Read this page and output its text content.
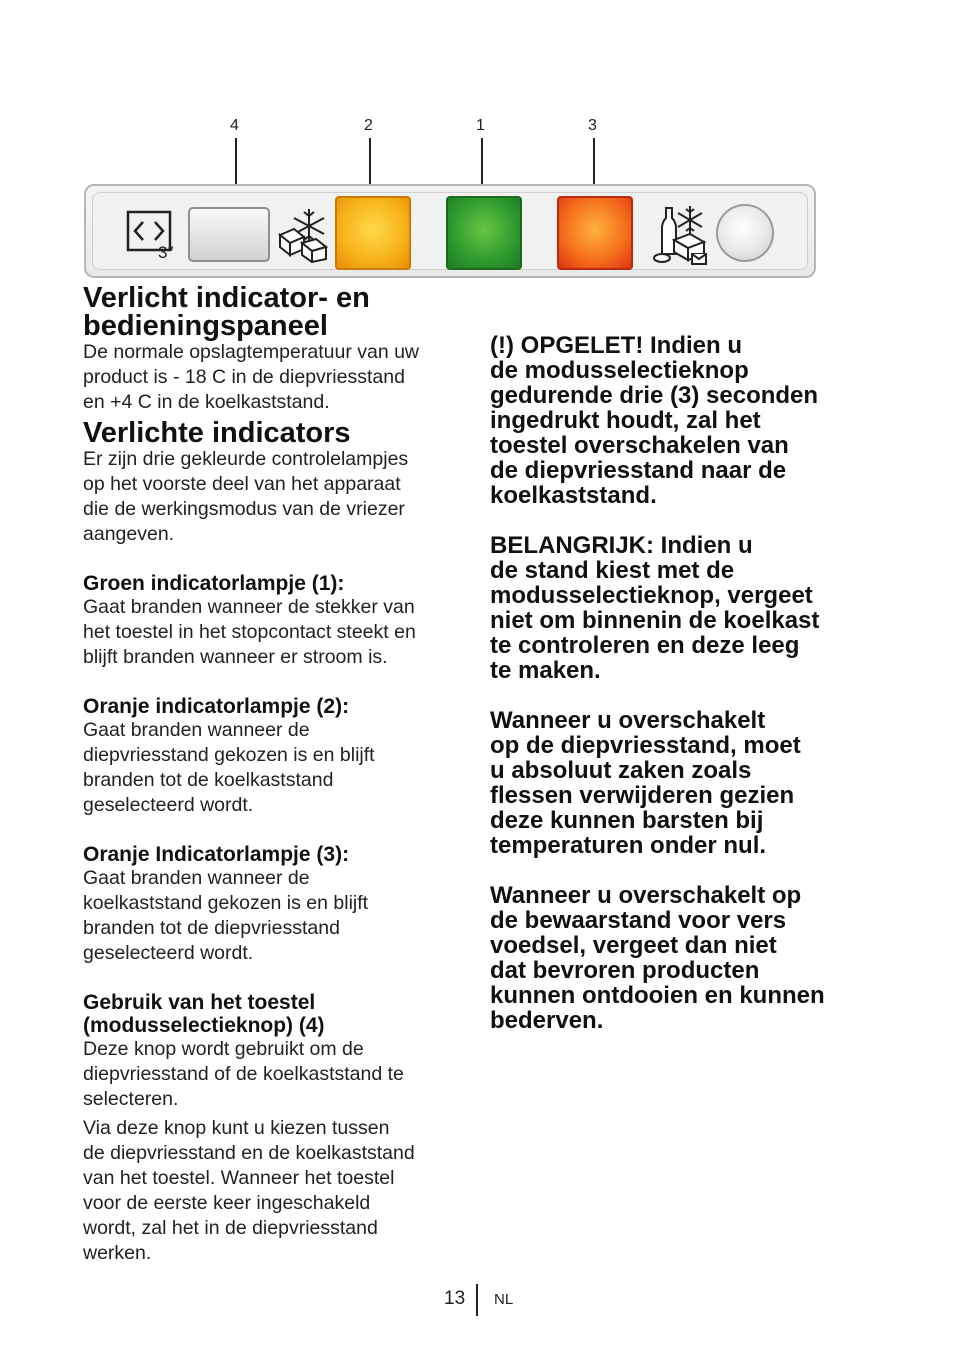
4	2	1	3
3″

Verlicht indicator- en
bedieningspaneel

De normale opslagtemperatuur van uw
product is - 18 C in de diepvriesstand
en +4 C in de koelkaststand.

Verlichte indicators

Er zijn drie gekleurde controlelampjes
op het voorste deel van het apparaat
die de werkingsmodus van de vriezer
aangeven.

Groen indicatorlampje (1):

Gaat branden wanneer de stekker van
het toestel in het stopcontact steekt en
blijft branden wanneer er stroom is.

Oranje indicatorlampje (2):

Gaat branden wanneer de
diepvriesstand gekozen is en blijft
branden tot de koelkaststand
geselecteerd wordt.

Oranje Indicatorlampje (3):

Gaat branden wanneer de
koelkaststand gekozen is en blijft
branden tot de diepvriesstand
geselecteerd wordt.

Gebruik van het toestel
(modusselectieknop) (4)

Deze knop wordt gebruikt om de
diepvriesstand of de koelkaststand te
selecteren.

Via deze knop kunt u kiezen tussen
de diepvriesstand en de koelkaststand
van het toestel. Wanneer het toestel
voor de eerste keer ingeschakeld
wordt, zal het in de diepvriesstand
werken.

(!) OPGELET! Indien u
de modusselectieknop
gedurende drie (3) seconden
ingedrukt houdt, zal het
toestel overschakelen van
de diepvriesstand naar de
koelkaststand.

BELANGRIJK: Indien u
de stand kiest met de
modusselectieknop, vergeet
niet om binnenin de koelkast
te controleren en deze leeg
te maken.

Wanneer u overschakelt
op de diepvriesstand, moet
u absoluut zaken zoals
flessen verwijderen gezien
deze kunnen barsten bij
temperaturen onder nul.

Wanneer u overschakelt op
de bewaarstand voor vers
voedsel, vergeet dan niet
dat bevroren producten
kunnen ontdooien en kunnen
bederven.

13 NL
